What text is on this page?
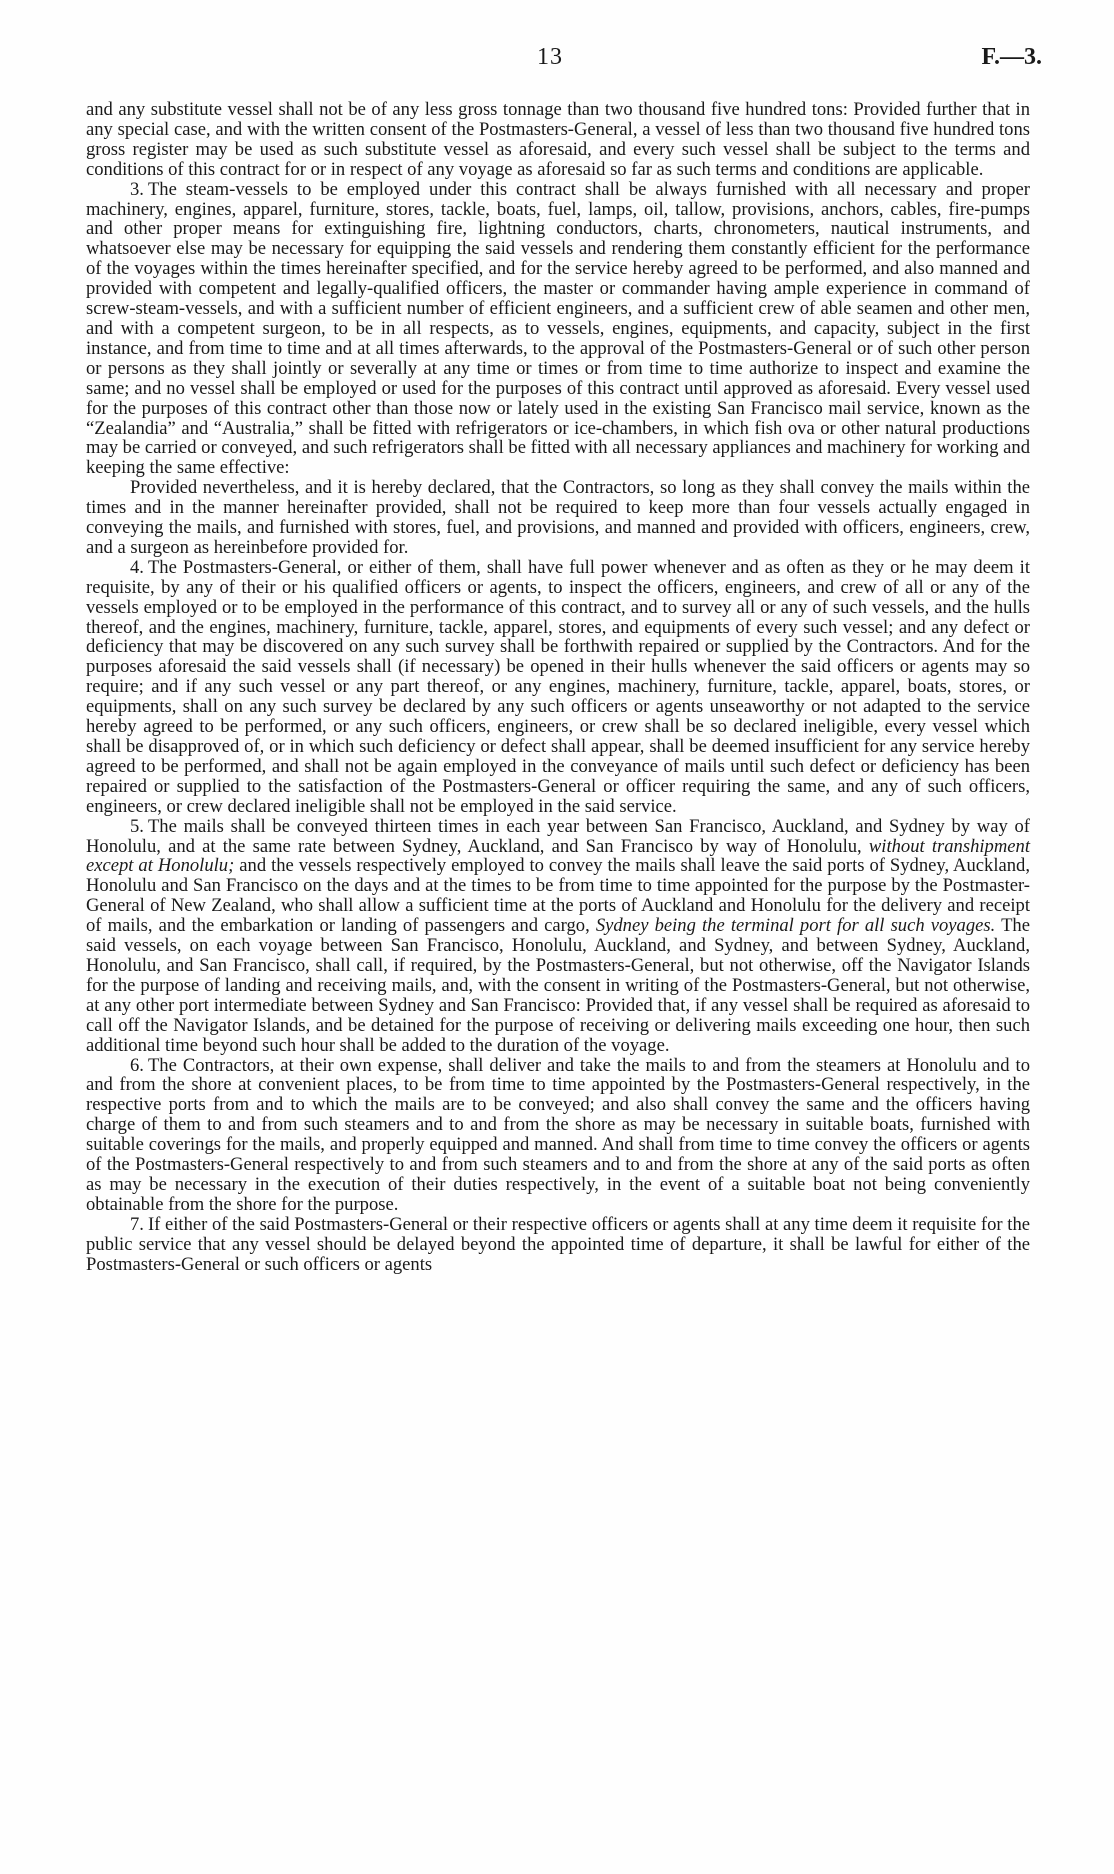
13	F.—3.

and any substitute vessel shall not be of any less gross tonnage than two thousand five hundred tons: Provided further that in any special case, and with the written consent of the Postmasters-General, a vessel of less than two thousand five hundred tons gross register may be used as such substitute vessel as aforesaid, and every such vessel shall be subject to the terms and conditions of this contract for or in respect of any voyage as aforesaid so far as such terms and conditions are applicable.

3. The steam-vessels to be employed under this contract shall be always furnished with all necessary and proper machinery, engines, apparel, furniture, stores, tackle, boats, fuel, lamps, oil, tallow, provisions, anchors, cables, fire-pumps and other proper means for extinguishing fire, lightning conductors, charts, chronometers, nautical instruments, and whatsoever else may be necessary for equipping the said vessels and rendering them constantly efficient for the performance of the voyages within the times hereinafter specified, and for the service hereby agreed to be performed, and also manned and provided with competent and legally-qualified officers, the master or commander having ample experience in command of screw-steam-vessels, and with a sufficient number of efficient engineers, and a sufficient crew of able seamen and other men, and with a competent surgeon, to be in all respects, as to vessels, engines, equipments, and capacity, subject in the first instance, and from time to time and at all times afterwards, to the approval of the Postmasters-General or of such other person or persons as they shall jointly or severally at any time or times or from time to time authorize to inspect and examine the same; and no vessel shall be employed or used for the purposes of this contract until approved as aforesaid. Every vessel used for the purposes of this contract other than those now or lately used in the existing San Francisco mail service, known as the “Zealandia” and “Australia,” shall be fitted with refrigerators or ice-chambers, in which fish ova or other natural productions may be carried or conveyed, and such refrigerators shall be fitted with all necessary appliances and machinery for working and keeping the same effective:

Provided nevertheless, and it is hereby declared, that the Contractors, so long as they shall convey the mails within the times and in the manner hereinafter provided, shall not be required to keep more than four vessels actually engaged in conveying the mails, and furnished with stores, fuel, and provisions, and manned and provided with officers, engineers, crew, and a surgeon as hereinbefore provided for.

4. The Postmasters-General, or either of them, shall have full power whenever and as often as they or he may deem it requisite, by any of their or his qualified officers or agents, to inspect the officers, engineers, and crew of all or any of the vessels employed or to be employed in the performance of this contract, and to survey all or any of such vessels, and the hulls thereof, and the engines, machinery, furniture, tackle, apparel, stores, and equipments of every such vessel; and any defect or deficiency that may be discovered on any such survey shall be forthwith repaired or supplied by the Contractors. And for the purposes aforesaid the said vessels shall (if necessary) be opened in their hulls whenever the said officers or agents may so require; and if any such vessel or any part thereof, or any engines, machinery, furniture, tackle, apparel, boats, stores, or equipments, shall on any such survey be declared by any such officers or agents unseaworthy or not adapted to the service hereby agreed to be performed, or any such officers, engineers, or crew shall be so declared ineligible, every vessel which shall be disapproved of, or in which such deficiency or defect shall appear, shall be deemed insufficient for any service hereby agreed to be performed, and shall not be again employed in the conveyance of mails until such defect or deficiency has been repaired or supplied to the satisfaction of the Postmasters-General or officer requiring the same, and any of such officers, engineers, or crew declared ineligible shall not be employed in the said service.

5. The mails shall be conveyed thirteen times in each year between San Francisco, Auckland, and Sydney by way of Honolulu, and at the same rate between Sydney, Auckland, and San Francisco by way of Honolulu, without transhipment except at Honolulu; and the vessels respectively employed to convey the mails shall leave the said ports of Sydney, Auckland, Honolulu and San Francisco on the days and at the times to be from time to time appointed for the purpose by the Postmaster-General of New Zealand, who shall allow a sufficient time at the ports of Auckland and Honolulu for the delivery and receipt of mails, and the embarkation or landing of passengers and cargo, Sydney being the terminal port for all such voyages. The said vessels, on each voyage between San Francisco, Honolulu, Auckland, and Sydney, and between Sydney, Auckland, Honolulu, and San Francisco, shall call, if required, by the Postmasters-General, but not otherwise, off the Navigator Islands for the purpose of landing and receiving mails, and, with the consent in writing of the Postmasters-General, but not otherwise, at any other port intermediate between Sydney and San Francisco: Provided that, if any vessel shall be required as aforesaid to call off the Navigator Islands, and be detained for the purpose of receiving or delivering mails exceeding one hour, then such additional time beyond such hour shall be added to the duration of the voyage.

6. The Contractors, at their own expense, shall deliver and take the mails to and from the steamers at Honolulu and to and from the shore at convenient places, to be from time to time appointed by the Postmasters-General respectively, in the respective ports from and to which the mails are to be conveyed; and also shall convey the same and the officers having charge of them to and from such steamers and to and from the shore as may be necessary in suitable boats, furnished with suitable coverings for the mails, and properly equipped and manned. And shall from time to time convey the officers or agents of the Postmasters-General respectively to and from such steamers and to and from the shore at any of the said ports as often as may be necessary in the execution of their duties respectively, in the event of a suitable boat not being conveniently obtainable from the shore for the purpose.

7. If either of the said Postmasters-General or their respective officers or agents shall at any time deem it requisite for the public service that any vessel should be delayed beyond the appointed time of departure, it shall be lawful for either of the Postmasters-General or such officers or agents
